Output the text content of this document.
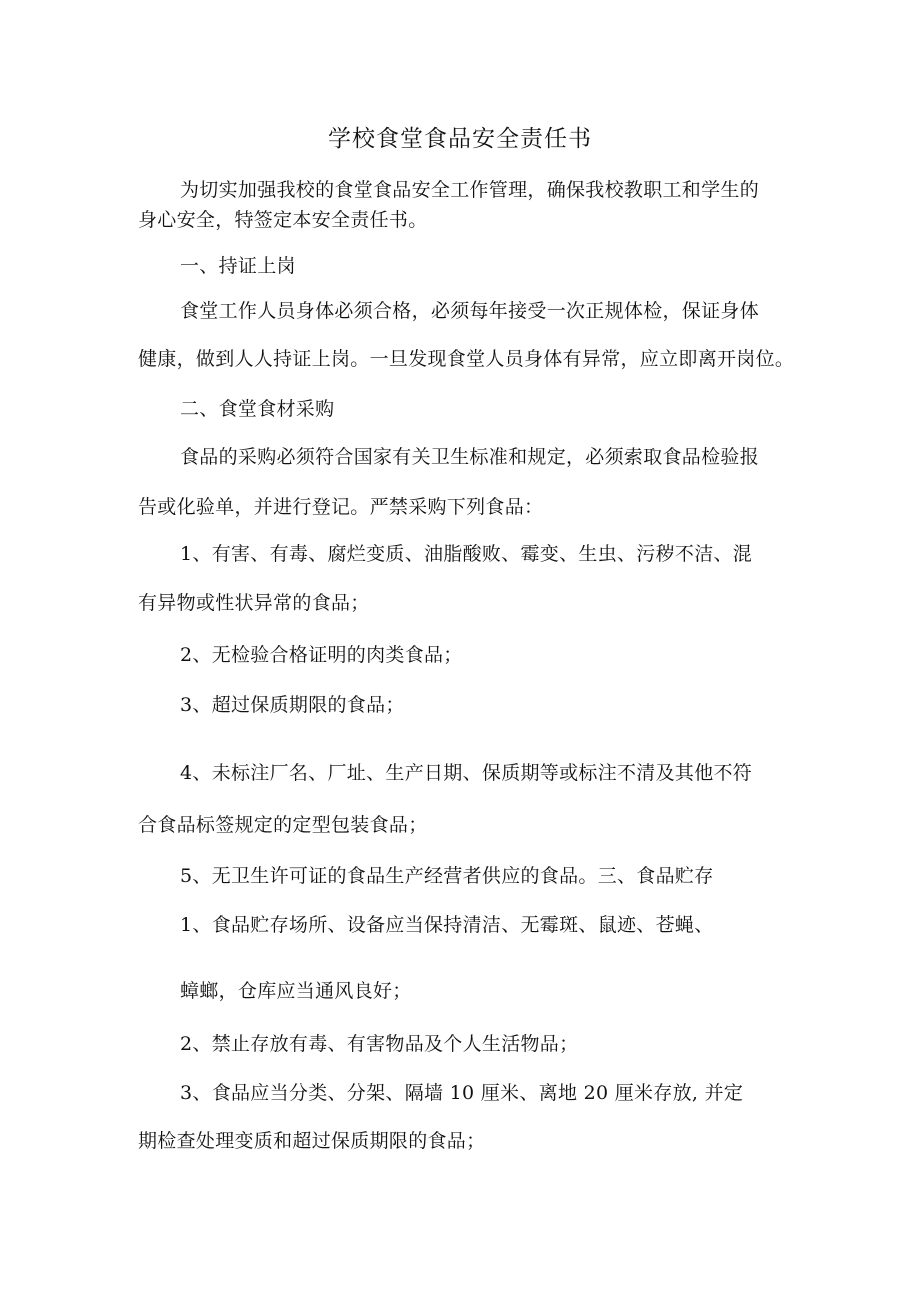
学校食堂食品安全责任书
为切实加强我校的食堂食品安全工作管理，确保我校教职工和学生的
身心安全，特签定本安全责任书。
一、持证上岗
食堂工作人员身体必须合格，必须每年接受一次正规体检，保证身体
健康，做到人人持证上岗。一旦发现食堂人员身体有异常，应立即离开岗位。
二、食堂食材采购
食品的采购必须符合国家有关卫生标准和规定，必须索取食品检验报
告或化验单，并进行登记。严禁采购下列食品：
1、有害、有毒、腐烂变质、油脂酸败、霉变、生虫、污秽不洁、混
有异物或性状异常的食品；
2、无检验合格证明的肉类食品；
3、超过保质期限的食品；
4、未标注厂名、厂址、生产日期、保质期等或标注不清及其他不符
合食品标签规定的定型包装食品；
5、无卫生许可证的食品生产经营者供应的食品。三、食品贮存
1、食品贮存场所、设备应当保持清洁、无霉斑、鼠迹、苍蝇、
蟑螂，仓库应当通风良好；
2、禁止存放有毒、有害物品及个人生活物品；
3、食品应当分类、分架、隔墙 10 厘米、离地 20 厘米存放, 并定
期检查处理变质和超过保质期限的食品；
